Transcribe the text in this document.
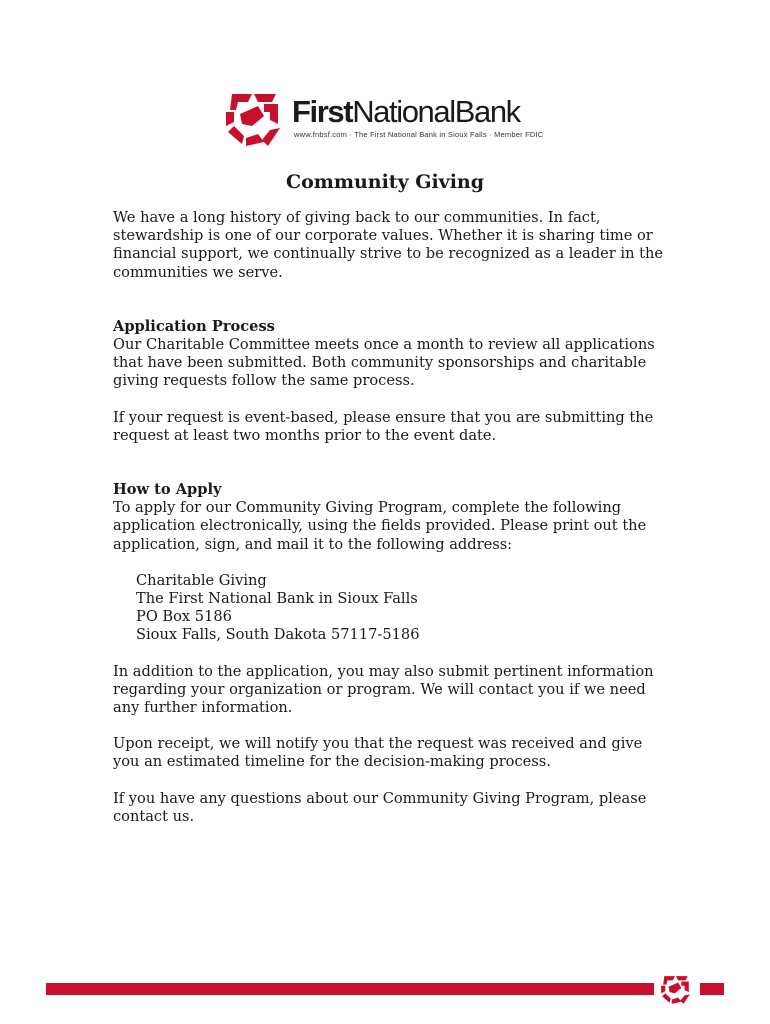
FirstNationalBank
www.fnbsf.com · The First National Bank in Sioux Falls · Member FDIC
Community Giving

We have a long history of giving back to our communities. In fact, stewardship is one of our corporate values. Whether it is sharing time or financial support, we continually strive to be recognized as a leader in the communities we serve.

Application Process

Our Charitable Committee meets once a month to review all applications that have been submitted. Both community sponsorships and charitable giving requests follow the same process.

If your request is event-based, please ensure that you are submitting the request at least two months prior to the event date.

How to Apply

To apply for our Community Giving Program, complete the following application electronically, using the fields provided. Please print out the application, sign, and mail it to the following address:

Charitable Giving

The First National Bank in Sioux Falls

PO Box 5186

Sioux Falls, South Dakota 57117-5186

In addition to the application, you may also submit pertinent information regarding your organization or program. We will contact you if we need any further information.

Upon receipt, we will notify you that the request was received and give you an estimated timeline for the decision-making process.

If you have any questions about our Community Giving Program, please contact us.
